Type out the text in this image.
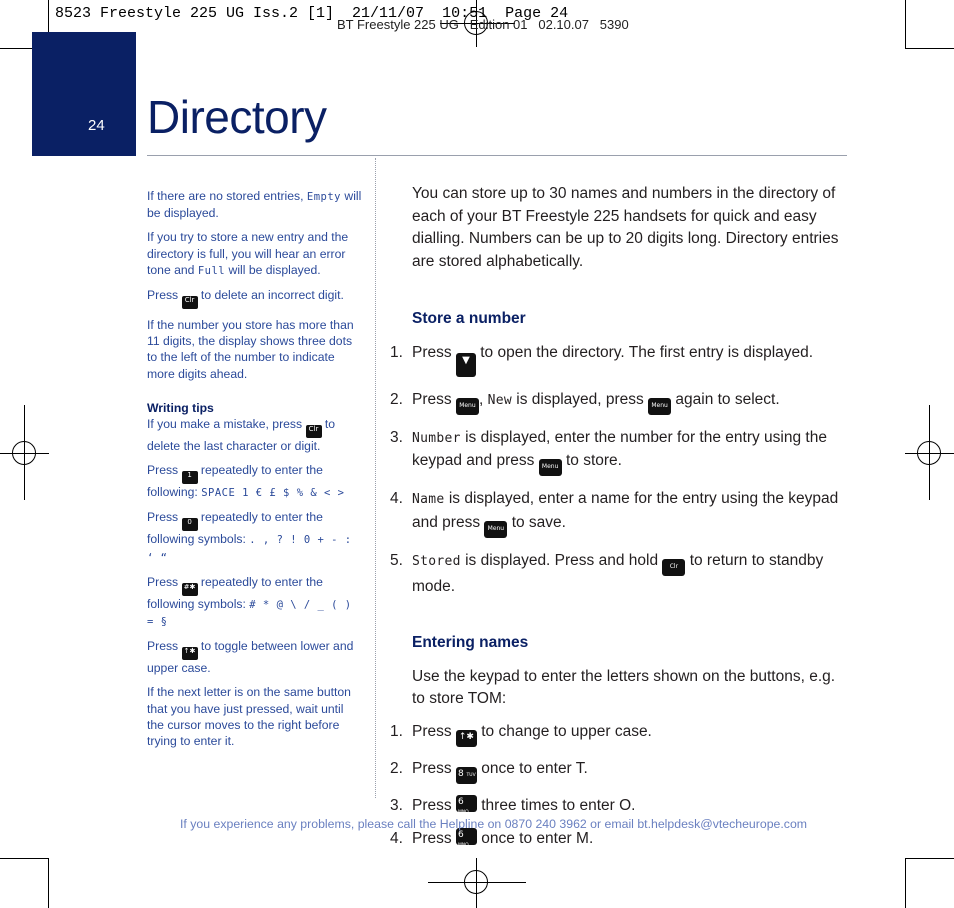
BT Freestyle 225 UG   Edition 01   02.10.07   5390
8523 Freestyle 225 UG Iss.2 [1]  21/11/07  10:51  Page 24
24 Directory

If there are no stored entries, Empty will be displayed.

If you try to store a new entry and the directory is full, you will hear an error tone and Full will be displayed.

Press Clr to delete an incorrect digit.

If the number you store has more than 11 digits, the display shows three dots to the left of the number to indicate more digits ahead.

Writing tips

If you make a mistake, press Clr to delete the last character or digit.

Press 1 repeatedly to enter the following: SPACE 1 € £ $ % & < >

Press 0 repeatedly to enter the following symbols: . , ? ! 0 + - : ‘ “

Press #✱ repeatedly to enter the following symbols: # * @ \ / _ ( ) = §

Press ↑✱ to toggle between lower and upper case.

If the next letter is on the same button that you have just pressed, wait until the cursor moves to the right before trying to enter it.

You can store up to 30 names and numbers in the directory of each of your BT Freestyle 225 handsets for quick and easy dialling. Numbers can be up to 20 digits long. Directory entries are stored alphabetically.

Store a number

1. Press ▼ to open the directory. The first entry is displayed.
2. Press Menu , New is displayed, press Menu again to select.
3. Number is displayed, enter the number for the entry using the keypad and press Menu to store.
4. Name is displayed, enter a name for the entry using the keypad and press Menu to save.
5. Stored is displayed. Press and hold Clr to return to standby mode.

Entering names

Use the keypad to enter the letters shown on the buttons, e.g. to store TOM:

1. Press ↑✱ to change to upper case.
2. Press 8 TUV once to enter T.
3. Press 6 MNO three times to enter O.
4. Press 6 MNO once to enter M.
If you experience any problems, please call the Helpline on 0870 240 3962 or email bt.helpdesk@vtecheurope.com
